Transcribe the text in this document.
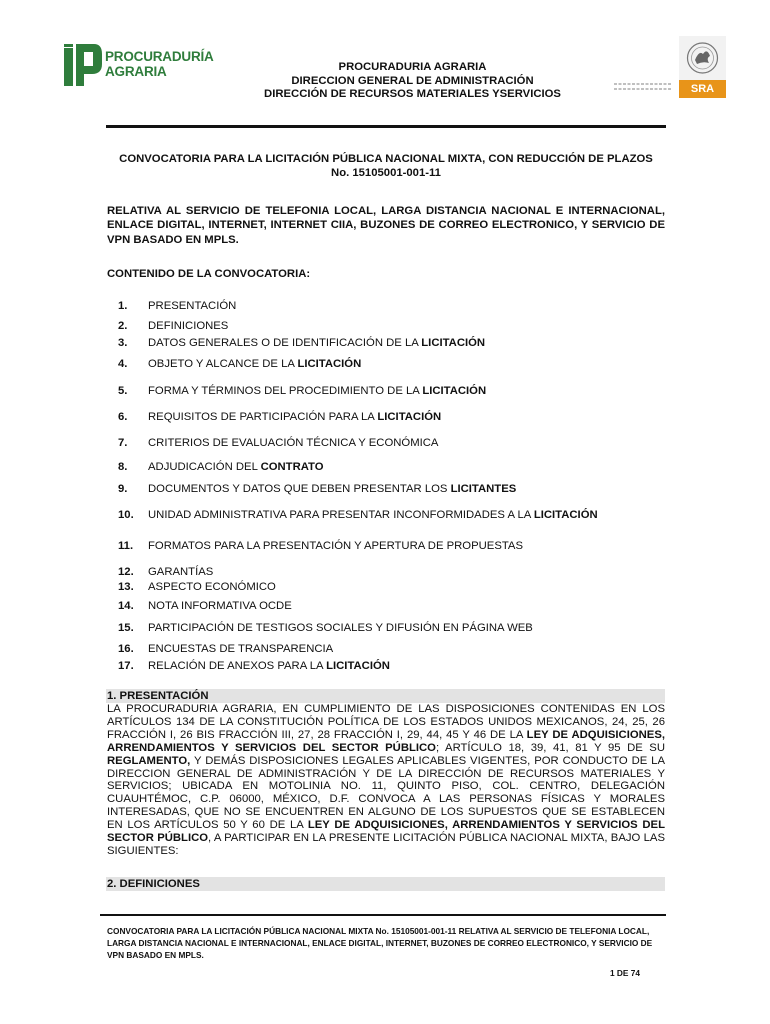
PROCURADURÍA
AGRARIA	PROCURADURIA AGRARIA
DIRECCION GENERAL DE ADMINISTRACIÓN
DIRECCIÓN DE RECURSOS MATERIALES YSERVICIOS	SRA
CONVOCATORIA PARA LA LICITACIÓN PÚBLICA NACIONAL MIXTA, CON REDUCCIÓN DE PLAZOS
No. 15105001-001-11
RELATIVA AL SERVICIO DE TELEFONIA LOCAL, LARGA DISTANCIA NACIONAL E INTERNACIONAL, ENLACE DIGITAL, INTERNET, INTERNET CIIA, BUZONES DE CORREO ELECTRONICO, Y SERVICIO DE VPN BASADO EN MPLS.
CONTENIDO DE LA CONVOCATORIA:
1.	PRESENTACIÓN
2.	DEFINICIONES
3.	DATOS GENERALES O DE IDENTIFICACIÓN DE LA LICITACIÓN
4.	OBJETO Y ALCANCE DE LA LICITACIÓN
5.	FORMA Y TÉRMINOS DEL PROCEDIMIENTO DE LA LICITACIÓN
6.	REQUISITOS DE PARTICIPACIÓN PARA LA LICITACIÓN
7.	CRITERIOS DE EVALUACIÓN TÉCNICA Y ECONÓMICA
8.	ADJUDICACIÓN DEL CONTRATO
9.	DOCUMENTOS Y DATOS QUE DEBEN PRESENTAR LOS LICITANTES
10.	UNIDAD ADMINISTRATIVA PARA PRESENTAR INCONFORMIDADES A LA LICITACIÓN
11.	FORMATOS PARA LA PRESENTACIÓN Y APERTURA DE PROPUESTAS
12.	GARANTÍAS
13.	ASPECTO ECONÓMICO
14.	NOTA INFORMATIVA OCDE
15.	PARTICIPACIÓN DE TESTIGOS SOCIALES Y DIFUSIÓN EN PÁGINA WEB
16.	ENCUESTAS DE TRANSPARENCIA
17.	RELACIÓN DE ANEXOS PARA LA LICITACIÓN
1. PRESENTACIÓN
LA PROCURADURIA AGRARIA, EN CUMPLIMIENTO DE LAS DISPOSICIONES CONTENIDAS EN LOS ARTÍCULOS 134 DE LA CONSTITUCIÓN POLÍTICA DE LOS ESTADOS UNIDOS MEXICANOS, 24, 25, 26 FRACCIÓN I, 26 BIS FRACCIÓN III, 27, 28 FRACCIÓN I, 29, 44, 45 Y 46 DE LA LEY DE ADQUISICIONES, ARRENDAMIENTOS Y SERVICIOS DEL SECTOR PÚBLICO; ARTÍCULO 18, 39, 41, 81 Y 95 DE SU REGLAMENTO, Y DEMÁS DISPOSICIONES LEGALES APLICABLES VIGENTES, POR CONDUCTO DE LA DIRECCION GENERAL DE ADMINISTRACIÓN Y DE LA DIRECCIÓN DE RECURSOS MATERIALES Y SERVICIOS; UBICADA EN MOTOLINIA NO. 11, QUINTO PISO, COL. CENTRO, DELEGACIÓN CUAUHTÉMOC, C.P. 06000, MÉXICO, D.F. CONVOCA A LAS PERSONAS FÍSICAS Y MORALES INTERESADAS, QUE NO SE ENCUENTREN EN ALGUNO DE LOS SUPUESTOS QUE SE ESTABLECEN EN LOS ARTÍCULOS 50 Y 60 DE LA LEY DE ADQUISICIONES, ARRENDAMIENTOS Y SERVICIOS DEL SECTOR PÚBLICO, A PARTICIPAR EN LA PRESENTE LICITACIÓN PÚBLICA NACIONAL MIXTA, BAJO LAS SIGUIENTES:
2. DEFINICIONES
CONVOCATORIA PARA LA LICITACIÓN PÚBLICA NACIONAL MIXTA No. 15105001-001-11 RELATIVA AL SERVICIO DE TELEFONIA LOCAL, LARGA DISTANCIA NACIONAL E INTERNACIONAL, ENLACE DIGITAL, INTERNET, BUZONES DE CORREO ELECTRONICO, Y SERVICIO DE VPN BASADO EN MPLS.
1 DE 74
